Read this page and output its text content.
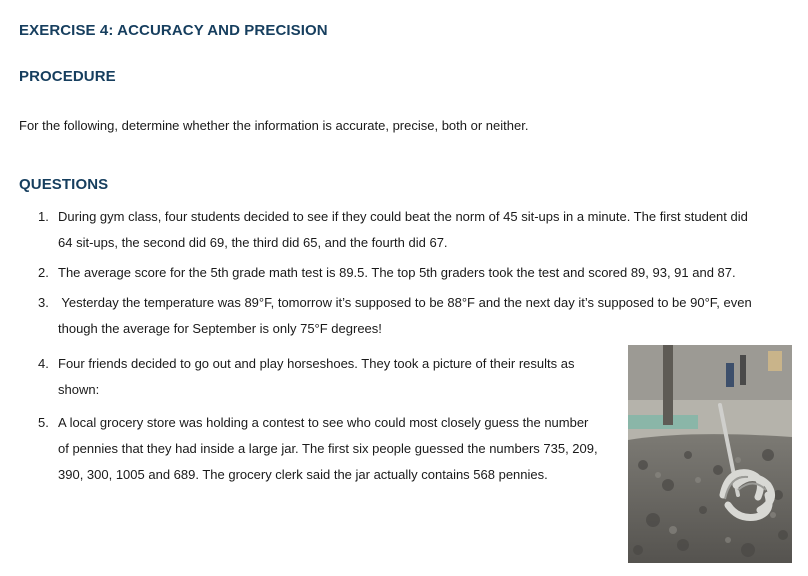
EXERCISE 4: ACCURACY AND PRECISION
PROCEDURE

For the following, determine whether the information is accurate, precise, both or neither.

QUESTIONS
1. During gym class, four students decided to see if they could beat the norm of 45 sit-ups in a minute. The first student did
64 sit-ups, the second did 69, the third did 65, and the fourth did 67.
2. The average score for the 5th grade math test is 89.5. The top 5th graders took the test and scored 89, 93, 91 and 87.
3. Yesterday the temperature was 89°F, tomorrow it’s supposed to be 88°F and the next day it’s supposed to be 90°F, even
though the average for September is only 75°F degrees!
4. Four friends decided to go out and play horseshoes. They took a picture of their results as
shown:
5. A local grocery store was holding a contest to see who could most closely guess the number
of pennies that they had inside a large jar. The first six people guessed the numbers 735, 209,
390, 300, 1005 and 689. The grocery clerk said the jar actually contains 568 pennies.
